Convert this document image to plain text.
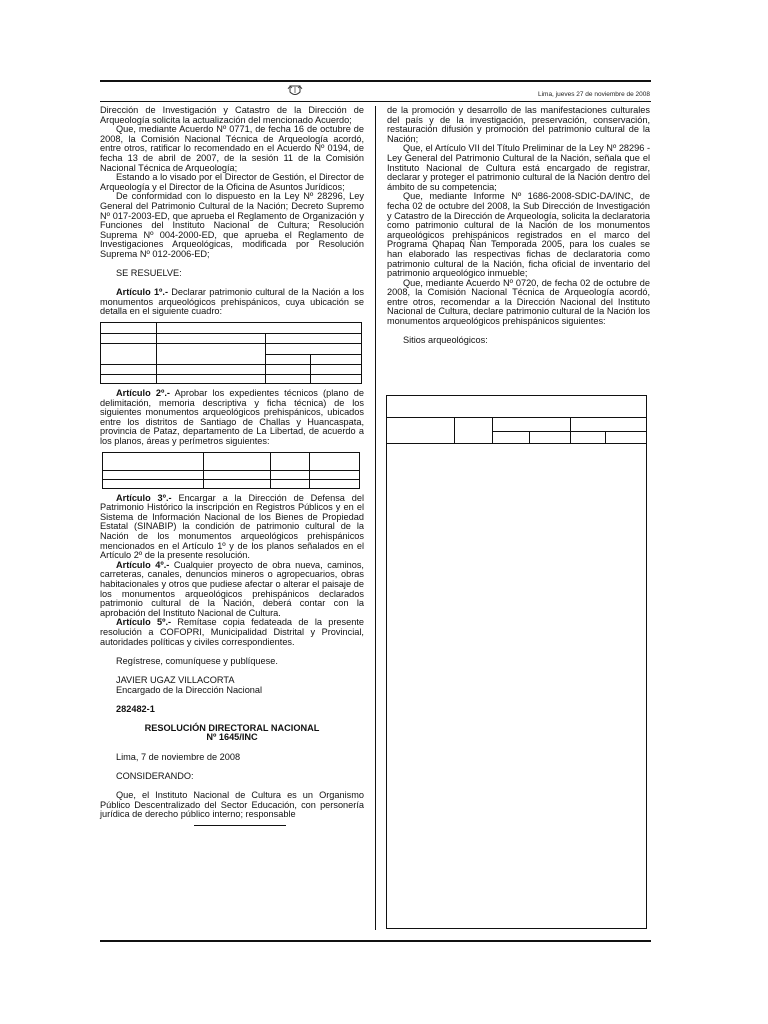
Lima, jueves 27 de noviembre de 2008

Dirección de Investigación y Catastro de la Dirección de Arqueología solicita la actualización del mencionado Acuerdo;

Que, mediante Acuerdo Nº 0771, de fecha 16 de octubre de 2008, la Comisión Nacional Técnica de Arqueología acordó, entre otros, ratificar lo recomendado en el Acuerdo Nº 0194, de fecha 13 de abril de 2007, de la sesión 11 de la Comisión Nacional Técnica de Arqueología;

Estando a lo visado por el Director de Gestión, el Director de Arqueología y el Director de la Oficina de Asuntos Jurídicos;

De conformidad con lo dispuesto en la Ley Nº 28296, Ley General del Patrimonio Cultural de la Nación; Decreto Supremo Nº 017-2003-ED, que aprueba el Reglamento de Organización y Funciones del Instituto Nacional de Cultura; Resolución Suprema Nº 004-2000-ED, que aprueba el Reglamento de Investigaciones Arqueológicas, modificada por Resolución Suprema Nº 012-2006-ED;

SE RESUELVE:

Artículo 1º.- Declarar patrimonio cultural de la Nación a los monumentos arqueológicos prehispánicos, cuya ubicación se detalla en el siguiente cuadro:

Artículo 2º.- Aprobar los expedientes técnicos (plano de delimitación, memoria descriptiva y ficha técnica) de los siguientes monumentos arqueológicos prehispánicos, ubicados entre los distritos de Santiago de Challas y Huancaspata, provincia de Pataz, departamento de La Libertad, de acuerdo a los planos, áreas y perímetros siguientes:

Artículo 3º.- Encargar a la Dirección de Defensa del Patrimonio Histórico la inscripción en Registros Públicos y en el Sistema de Información Nacional de los Bienes de Propiedad Estatal (SINABIP) la condición de patrimonio cultural de la Nación de los monumentos arqueológicos prehispánicos mencionados en el Artículo 1º y de los planos señalados en el Artículo 2º de la presente resolución.

Artículo 4º.- Cualquier proyecto de obra nueva, caminos, carreteras, canales, denuncios mineros o agropecuarios, obras habitacionales y otros que pudiese afectar o alterar el paisaje de los monumentos arqueológicos prehispánicos declarados patrimonio cultural de la Nación, deberá contar con la aprobación del Instituto Nacional de Cultura.

Artículo 5º.- Remítase copia fedateada de la presente resolución a COFOPRI, Municipalidad Distrital y Provincial, autoridades políticas y civiles correspondientes.

Regístrese, comuníquese y publíquese.

JAVIER UGAZ VILLACORTA

Encargado de la Dirección Nacional

282482-1

RESOLUCIÓN DIRECTORAL NACIONAL

Nº 1645/INC

Lima, 7 de noviembre de 2008

CONSIDERANDO:

Que, el Instituto Nacional de Cultura es un Organismo Público Descentralizado del Sector Educación, con personería jurídica de derecho público interno; responsable

de la promoción y desarrollo de las manifestaciones culturales del país y de la investigación, preservación, conservación, restauración difusión y promoción del patrimonio cultural de la Nación;

Que, el Artículo VII del Título Preliminar de la Ley Nº 28296 -Ley General del Patrimonio Cultural de la Nación, señala que el Instituto Nacional de Cultura está encargado de registrar, declarar y proteger el patrimonio cultural de la Nación dentro del ámbito de su competencia;

Que, mediante Informe Nº 1686-2008-SDIC-DA/INC, de fecha 02 de octubre del 2008, la Sub Dirección de Investigación y Catastro de la Dirección de Arqueología, solicita la declaratoria como patrimonio cultural de la Nación de los monumentos arqueológicos prehispánicos registrados en el marco del Programa Qhapaq Ñan Temporada 2005, para los cuales se han elaborado las respectivas fichas de declaratoria como patrimonio cultural de la Nación, ficha oficial de inventario del patrimonio arqueológico inmueble;

Que, mediante Acuerdo Nº 0720, de fecha 02 de octubre de 2008, la Comisión Nacional Técnica de Arqueología acordó, entre otros, recomendar a la Dirección Nacional del Instituto Nacional de Cultura, declare patrimonio cultural de la Nación los monumentos arqueológicos prehispánicos siguientes:

Sitios arqueológicos:
